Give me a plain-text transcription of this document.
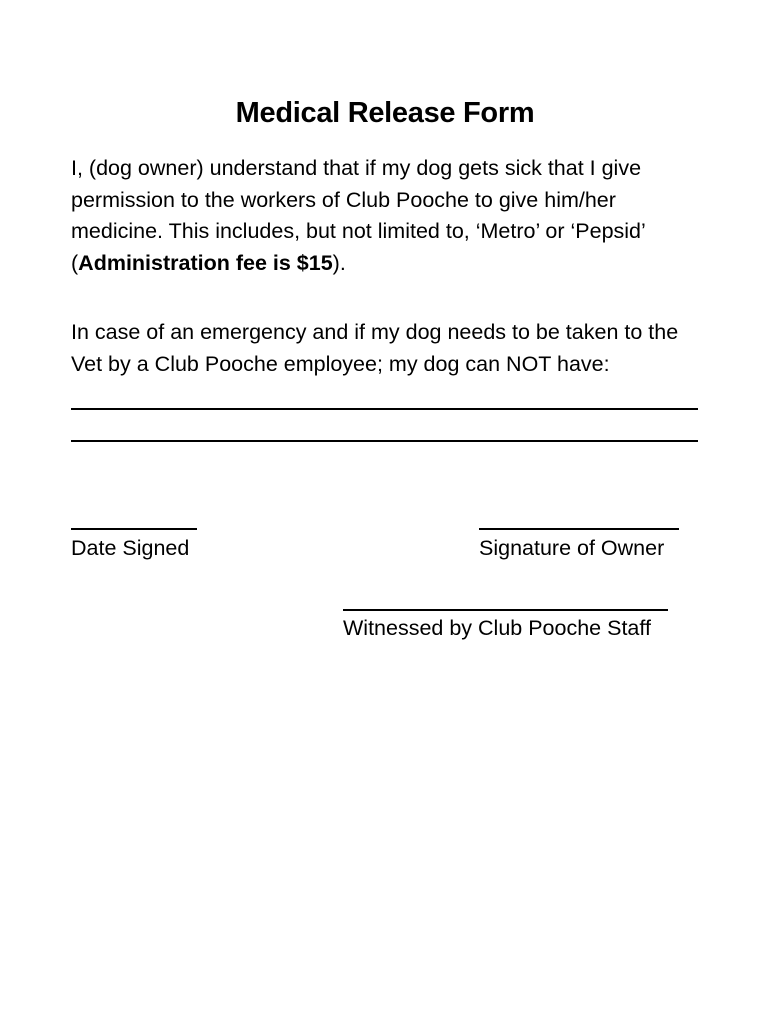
Medical Release Form

I, (dog owner) understand that if my dog gets sick that I give permission to the workers of Club Pooche to give him/her medicine. This includes, but not limited to, ‘Metro’ or ‘Pepsid’ (Administration fee is $15).

In case of an emergency and if my dog needs to be taken to the Vet by a Club Pooche employee; my dog can NOT have:

Date Signed	Signature of Owner
Witnessed by Club Pooche Staff
